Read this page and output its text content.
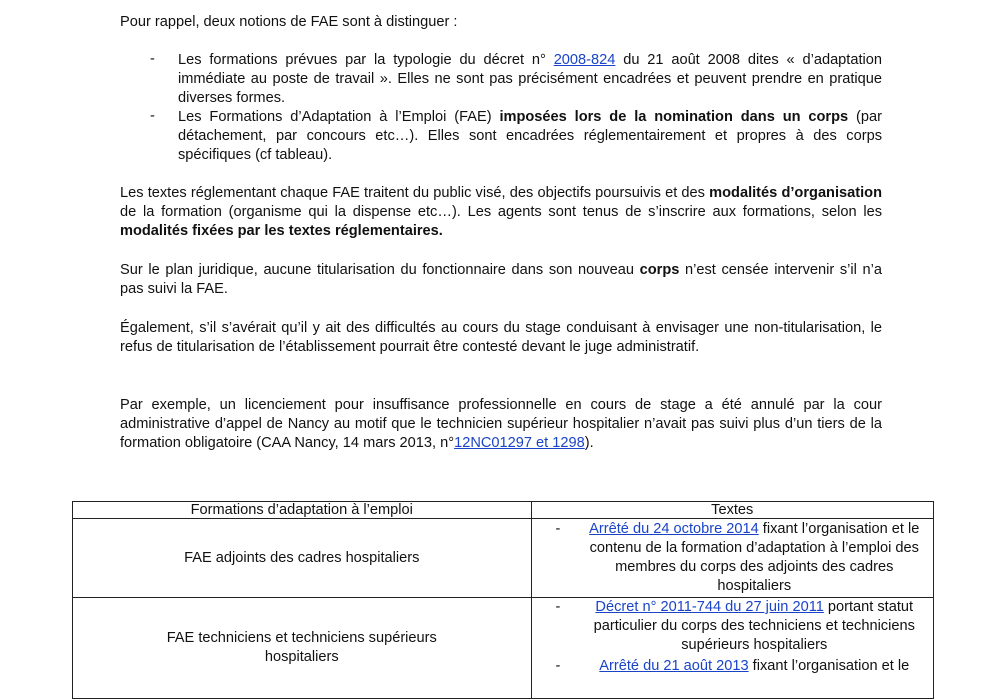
Pour rappel, deux notions de FAE sont à distinguer :

- Les formations prévues par la typologie du décret n° 2008-824 du 21 août 2008 dites « d’adaptation immédiate au poste de travail ». Elles ne sont pas précisément encadrées et peuvent prendre en pratique diverses formes.
- Les Formations d’Adaptation à l’Emploi (FAE) imposées lors de la nomination dans un corps (par détachement, par concours etc…). Elles sont encadrées réglementairement et propres à des corps spécifiques (cf tableau).

Les textes réglementant chaque FAE traitent du public visé, des objectifs poursuivis et des modalités d’organisation de la formation (organisme qui la dispense etc…). Les agents sont tenus de s’inscrire aux formations, selon les modalités fixées par les textes réglementaires.

Sur le plan juridique, aucune titularisation du fonctionnaire dans son nouveau corps n’est censée intervenir s’il n’a pas suivi la FAE.

Également, s’il s’avérait qu’il y ait des difficultés au cours du stage conduisant à envisager une non-titularisation, le refus de titularisation de l’établissement pourrait être contesté devant le juge administratif.

Par exemple, un licenciement pour insuffisance professionnelle en cours de stage a été annulé par la cour administrative d’appel de Nancy au motif que le technicien supérieur hospitalier n’avait pas suivi plus d’un tiers de la formation obligatoire (CAA Nancy, 14 mars 2013, n°12NC01297 et 1298).

Formations d’adaptation à l’emploi	Textes
FAE adjoints des cadres hospitaliers	- Arrêté du 24 octobre 2014 fixant l’organisation et le contenu de la formation d’adaptation à l’emploi des membres du corps des adjoints des cadres hospitaliers

FAE techniciens et techniciens supérieurs hospitaliers	- Décret n° 2011-744 du 27 juin 2011 portant statut particulier du corps des techniciens et techniciens supérieurs hospitaliers
- Arrêté du 21 août 2013 fixant l’organisation et le
